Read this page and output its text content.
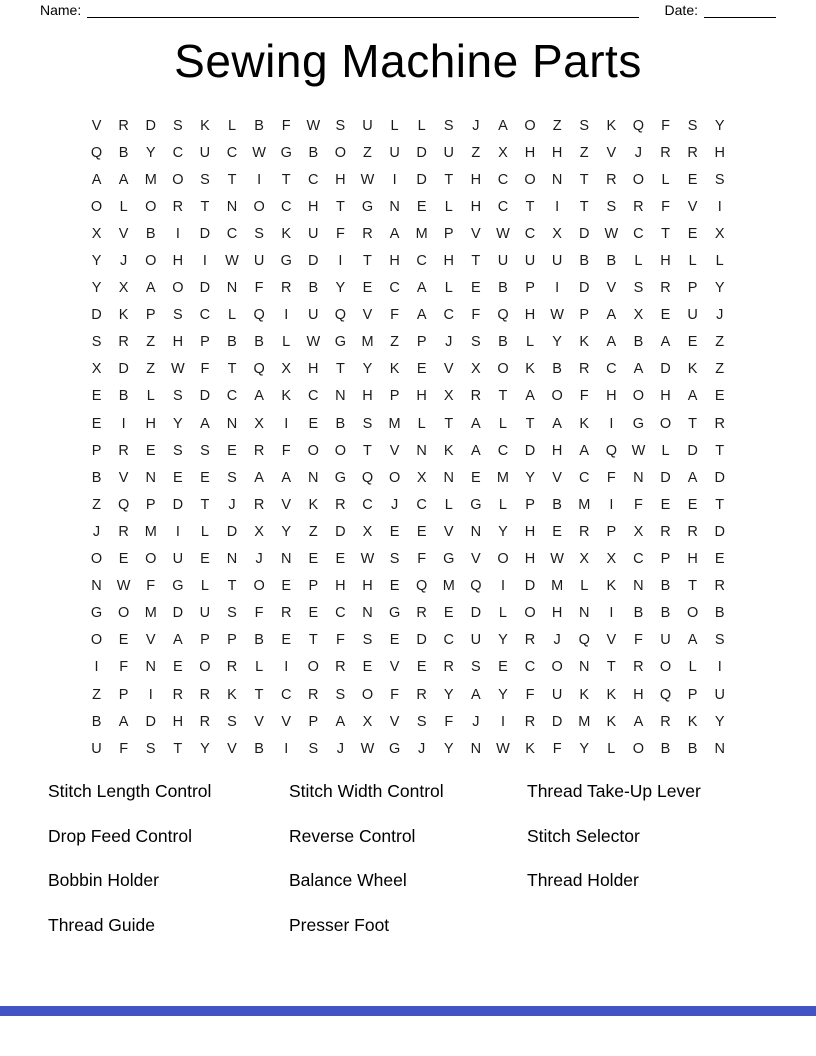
Name:	Date:
Sewing Machine Parts
V	R	D	S	K	L	B	F	W	S	U	L	L	S	J	A	O	Z	S	K	Q	F	S	Y
Q	B	Y	C	U	C	W	G	B	O	Z	U	D	U	Z	X	H	H	Z	V	J	R	R	H
A	A	M	O	S	T	I	T	C	H	W	I	D	T	H	C	O	N	T	R	O	L	E	S
O	L	O	R	T	N	O	C	H	T	G	N	E	L	H	C	T	I	T	S	R	F	V	I
X	V	B	I	D	C	S	K	U	F	R	A	M	P	V	W	C	X	D	W	C	T	E	X
Y	J	O	H	I	W	U	G	D	I	T	H	C	H	T	U	U	U	B	B	L	H	L	L
Y	X	A	O	D	N	F	R	B	Y	E	C	A	L	E	B	P	I	D	V	S	R	P	Y
D	K	P	S	C	L	Q	I	U	Q	V	F	A	C	F	Q	H	W	P	A	X	E	U	J
S	R	Z	H	P	B	B	L	W	G	M	Z	P	J	S	B	L	Y	K	A	B	A	E	Z
X	D	Z	W	F	T	Q	X	H	T	Y	K	E	V	X	O	K	B	R	C	A	D	K	Z
E	B	L	S	D	C	A	K	C	N	H	P	H	X	R	T	A	O	F	H	O	H	A	E
E	I	H	Y	A	N	X	I	E	B	S	M	L	T	A	L	T	A	K	I	G	O	T	R
P	R	E	S	S	E	R	F	O	O	T	V	N	K	A	C	D	H	A	Q	W	L	D	T
B	V	N	E	E	S	A	A	N	G	Q	O	X	N	E	M	Y	V	C	F	N	D	A	D
Z	Q	P	D	T	J	R	V	K	R	C	J	C	L	G	L	P	B	M	I	F	E	E	T
J	R	M	I	L	D	X	Y	Z	D	X	E	E	V	N	Y	H	E	R	P	X	R	R	D
O	E	O	U	E	N	J	N	E	E	W	S	F	G	V	O	H	W	X	X	C	P	H	E
N	W	F	G	L	T	O	E	P	H	H	E	Q	M	Q	I	D	M	L	K	N	B	T	R
G	O	M	D	U	S	F	R	E	C	N	G	R	E	D	L	O	H	N	I	B	B	O	B
O	E	V	A	P	P	B	E	T	F	S	E	D	C	U	Y	R	J	Q	V	F	U	A	S
I	F	N	E	O	R	L	I	O	R	E	V	E	R	S	E	C	O	N	T	R	O	L	I
Z	P	I	R	R	K	T	C	R	S	O	F	R	Y	A	Y	F	U	K	K	H	Q	P	U
B	A	D	H	R	S	V	V	P	A	X	V	S	F	J	I	R	D	M	K	A	R	K	Y
U	F	S	T	Y	V	B	I	S	J	W	G	J	Y	N	W	K	F	Y	L	O	B	B	N
Stitch Length Control	Stitch Width Control	Thread Take-Up Lever
Drop Feed Control	Reverse Control	Stitch Selector
Bobbin Holder	Balance Wheel	Thread Holder
Thread Guide	Presser Foot
